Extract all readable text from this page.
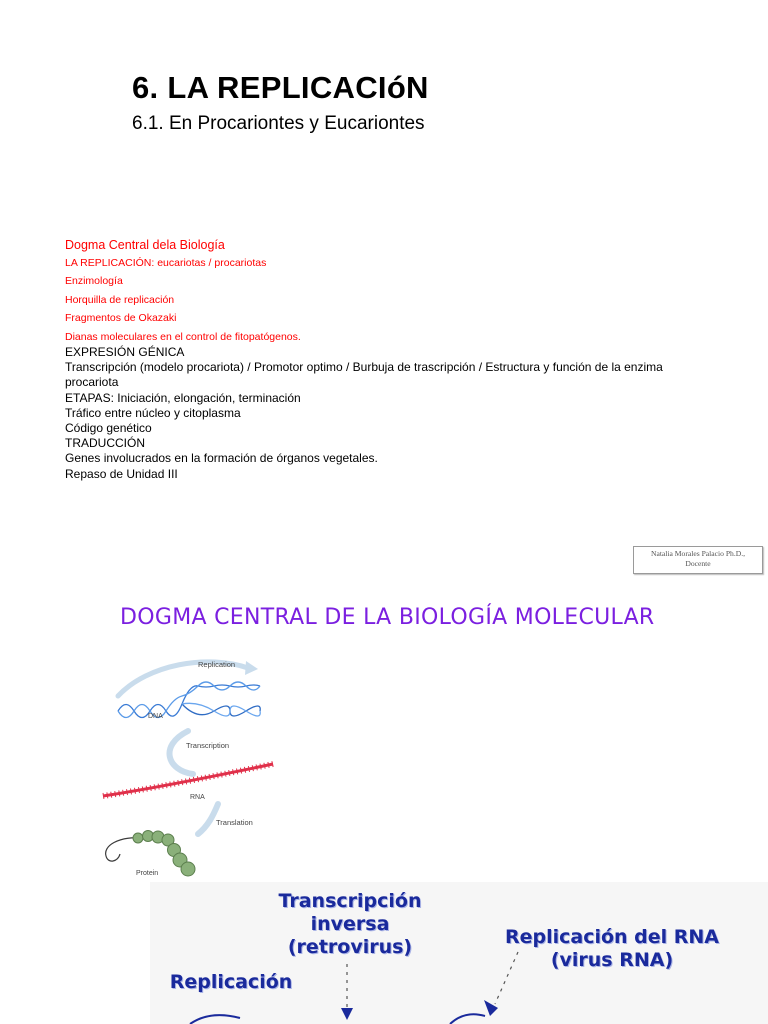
6. LA REPLICACIóN
6.1. En Procariontes y Eucariontes
Dogma Central dela Biología
LA REPLICACIÓN: eucariotas / procariotas
Enzimología
Horquilla de replicación
Fragmentos de Okazaki
Dianas moleculares en el control de fitopatógenos.
EXPRESIÓN GÉNICA
Transcripción (modelo procariota) / Promotor optimo / Burbuja de trascripción / Estructura y función de la enzima procariota
ETAPAS: Iniciación, elongación, terminación
Tráfico entre núcleo y citoplasma
Código genético
TRADUCCIÓN
Genes involucrados en la formación de órganos vegetales.
Repaso de Unidad III
Natalia Morales Palacio Ph.D.,
Docente
DOGMA CENTRAL DE LA BIOLOGÍA MOLECULAR
Replication
DNA
Transcription
RNA
Translation
Protein
Transcripción
inversa
(retrovirus)	Replicación del RNA
(virus RNA)
Replicación
